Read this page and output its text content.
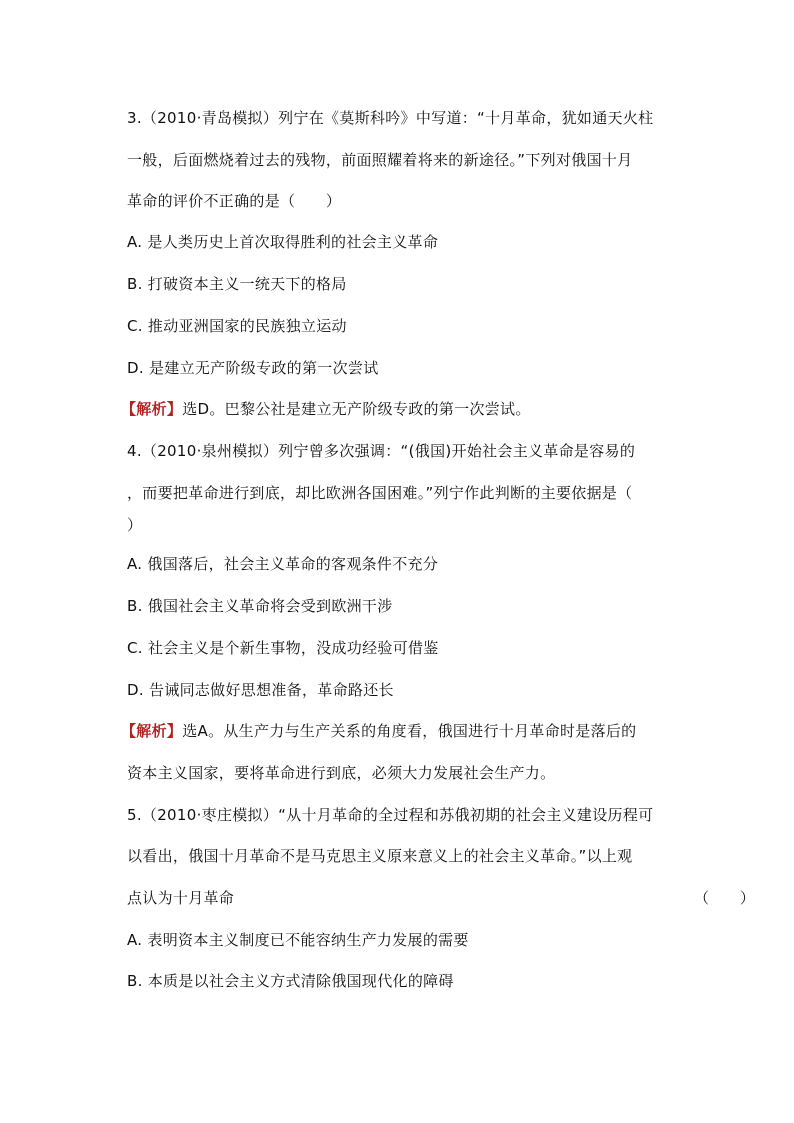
3.（2010·青岛模拟）列宁在《莫斯科吟》中写道：“十月革命，犹如通天火柱
一般，后面燃烧着过去的残物，前面照耀着将来的新途径。”下列对俄国十月
革命的评价不正确的是（　　）
A. 是人类历史上首次取得胜利的社会主义革命
B. 打破资本主义一统天下的格局
C. 推动亚洲国家的民族独立运动
D. 是建立无产阶级专政的第一次尝试
【解析】选D。巴黎公社是建立无产阶级专政的第一次尝试。
4.（2010·泉州模拟）列宁曾多次强调：“(俄国)开始社会主义革命是容易的
，而要把革命进行到底，却比欧洲各国困难。”列宁作此判断的主要依据是（
）
A. 俄国落后，社会主义革命的客观条件不充分
B. 俄国社会主义革命将会受到欧洲干涉
C. 社会主义是个新生事物，没成功经验可借鉴
D. 告诫同志做好思想准备，革命路还长
【解析】选A。从生产力与生产关系的角度看，俄国进行十月革命时是落后的
资本主义国家，要将革命进行到底，必须大力发展社会生产力。
5.（2010·枣庄模拟）“从十月革命的全过程和苏俄初期的社会主义建设历程可
以看出，俄国十月革命不是马克思主义原来意义上的社会主义革命。”以上观
点认为十月革命	（　　）
A. 表明资本主义制度已不能容纳生产力发展的需要
B. 本质是以社会主义方式清除俄国现代化的障碍
